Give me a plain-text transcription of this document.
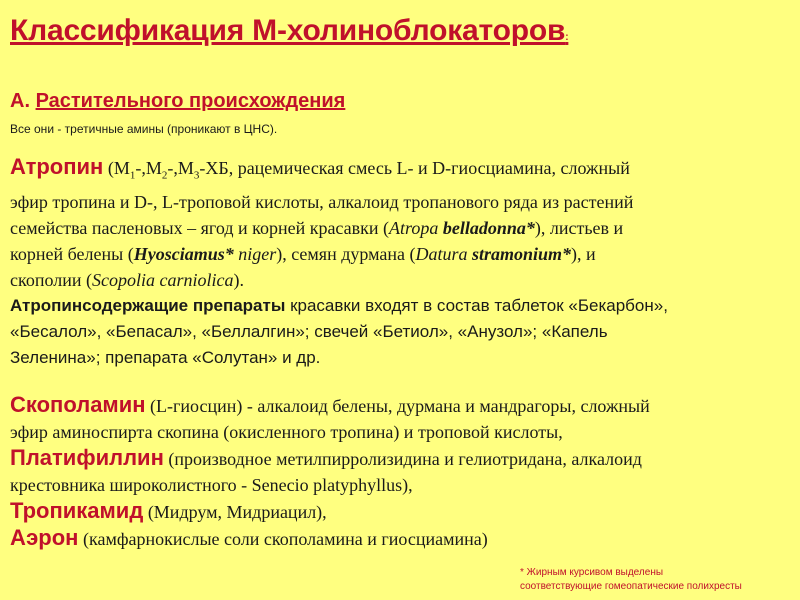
Классификация М-холиноблокаторов:
А. Растительного происхождения
Все они - третичные амины (проникают в ЦНС).
Атропин ($М_1-,М_2-,М_3-ХБ$, рацемическая смесь L- и D-гиосциамина, сложный
эфир тропина и D-, L-троповой кислоты, алкалоид тропанового ряда из растений
семейства пасленовых – ягод и корней красавки (Atropa belladonna*), листьев и
корней белены (Hyosciamus* niger), семян дурмана (Datura stramonium*), и
скополии (Scopolia carniolica).
Атропинсодержащие препараты красавки входят в состав таблеток «Бекарбон»,
«Бесалол», «Бепасал», «Беллалгин»; свечей «Бетиол», «Анузол»; «Капель
Зеленина»; препарата «Солутан» и др.
Скополамин (L-гиосцин) - алкалоид белены, дурмана и мандрагоры, сложный
эфир аминоспирта скопина (окисленного тропина) и троповой кислоты,
Платифиллин (производное метилпирролизидина и гелиотридана, алкалоид
крестовника широколистного - Senecio platyphyllus),
Тропикамид (Мидрум, Мидриацил),
Аэрон (камфарнокислые соли скополамина и гиосциамина)
* Жирным курсивом выделены
соответствующие гомеопатические полихресты
